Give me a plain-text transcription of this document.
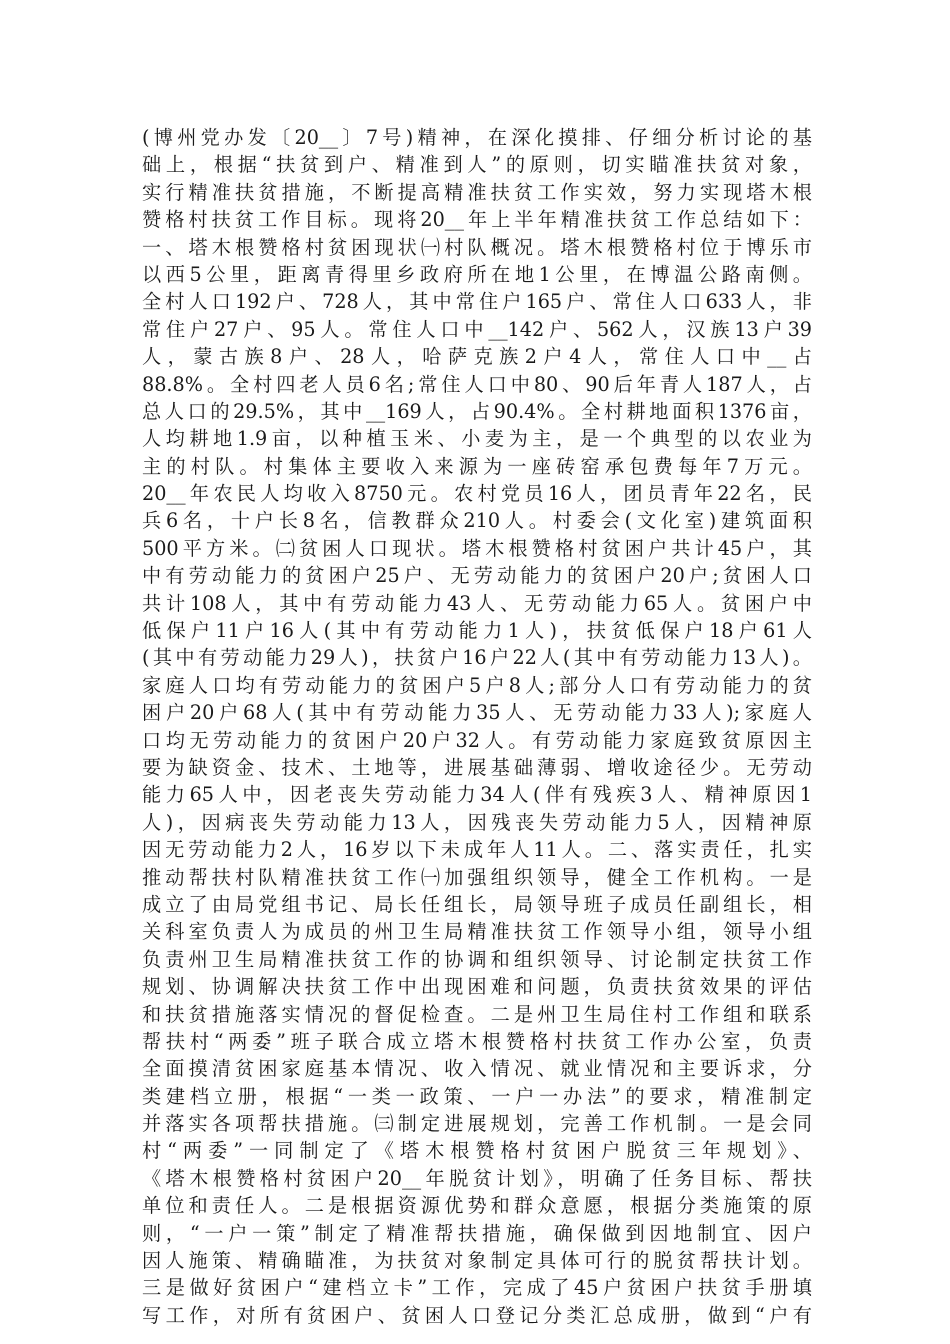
(博州党办发〔20__〕7号)精神，在深化摸排、仔细分析讨论的基
础上，根据“扶贫到户、精准到人”的原则，切实瞄准扶贫对象，
实行精准扶贫措施，不断提高精准扶贫工作实效，努力实现塔木根
赞格村扶贫工作目标。现将20__年上半年精准扶贫工作总结如下：
一、塔木根赞格村贫困现状㈠村队概况。塔木根赞格村位于博乐市
以西5公里，距离青得里乡政府所在地1公里，在博温公路南侧。
全村人口192户、728人，其中常住户165户、常住人口633人，非
常住户27户、95人。常住人口中__142户、562人，汉族13户39
人，蒙古族8户、28人，哈萨克族2户4人，常住人口中__占
88.8%。全村四老人员6名;常住人口中80、90后年青人187人，占
总人口的29.5%，其中__169人，占90.4%。全村耕地面积1376亩，
人均耕地1.9亩，以种植玉米、小麦为主，是一个典型的以农业为
主的村队。村集体主要收入来源为一座砖窑承包费每年7万元。
20__年农民人均收入8750元。农村党员16人，团员青年22名，民
兵6名，十户长8名，信教群众210人。村委会(文化室)建筑面积
500平方米。㈡贫困人口现状。塔木根赞格村贫困户共计45户，其
中有劳动能力的贫困户25户、无劳动能力的贫困户20户;贫困人口
共计108人，其中有劳动能力43人、无劳动能力65人。贫困户中
低保户11户16人(其中有劳动能力1人)，扶贫低保户18户61人
(其中有劳动能力29人)，扶贫户16户22人(其中有劳动能力13人)。
家庭人口均有劳动能力的贫困户5户8人;部分人口有劳动能力的贫
困户20户68人(其中有劳动能力35人、无劳动能力33人);家庭人
口均无劳动能力的贫困户20户32人。有劳动能力家庭致贫原因主
要为缺资金、技术、土地等，进展基础薄弱、增收途径少。无劳动
能力65人中，因老丧失劳动能力34人(伴有残疾3人、精神原因1
人)，因病丧失劳动能力13人，因残丧失劳动能力5人，因精神原
因无劳动能力2人，16岁以下未成年人11人。二、落实责任，扎实
推动帮扶村队精准扶贫工作㈠加强组织领导，健全工作机构。一是
成立了由局党组书记、局长任组长，局领导班子成员任副组长，相
关科室负责人为成员的州卫生局精准扶贫工作领导小组，领导小组
负责州卫生局精准扶贫工作的协调和组织领导、讨论制定扶贫工作
规划、协调解决扶贫工作中出现困难和问题，负责扶贫效果的评估
和扶贫措施落实情况的督促检查。二是州卫生局住村工作组和联系
帮扶村“两委”班子联合成立塔木根赞格村扶贫工作办公室，负责
全面摸清贫困家庭基本情况、收入情况、就业情况和主要诉求，分
类建档立册，根据“一类一政策、一户一办法”的要求，精准制定
并落实各项帮扶措施。㈢制定进展规划，完善工作机制。一是会同
村“两委”一同制定了《塔木根赞格村贫困户脱贫三年规划》、
《塔木根赞格村贫困户20__年脱贫计划》，明确了任务目标、帮扶
单位和责任人。二是根据资源优势和群众意愿，根据分类施策的原
则，“一户一策”制定了精准帮扶措施，确保做到因地制宜、因户
因人施策、精确瞄准，为扶贫对象制定具体可行的脱贫帮扶计划。
三是做好贫困户“建档立卡”工作，完成了45户贫困户扶贫手册填
写工作，对所有贫困户、贫困人口登记分类汇总成册，做到“户有
